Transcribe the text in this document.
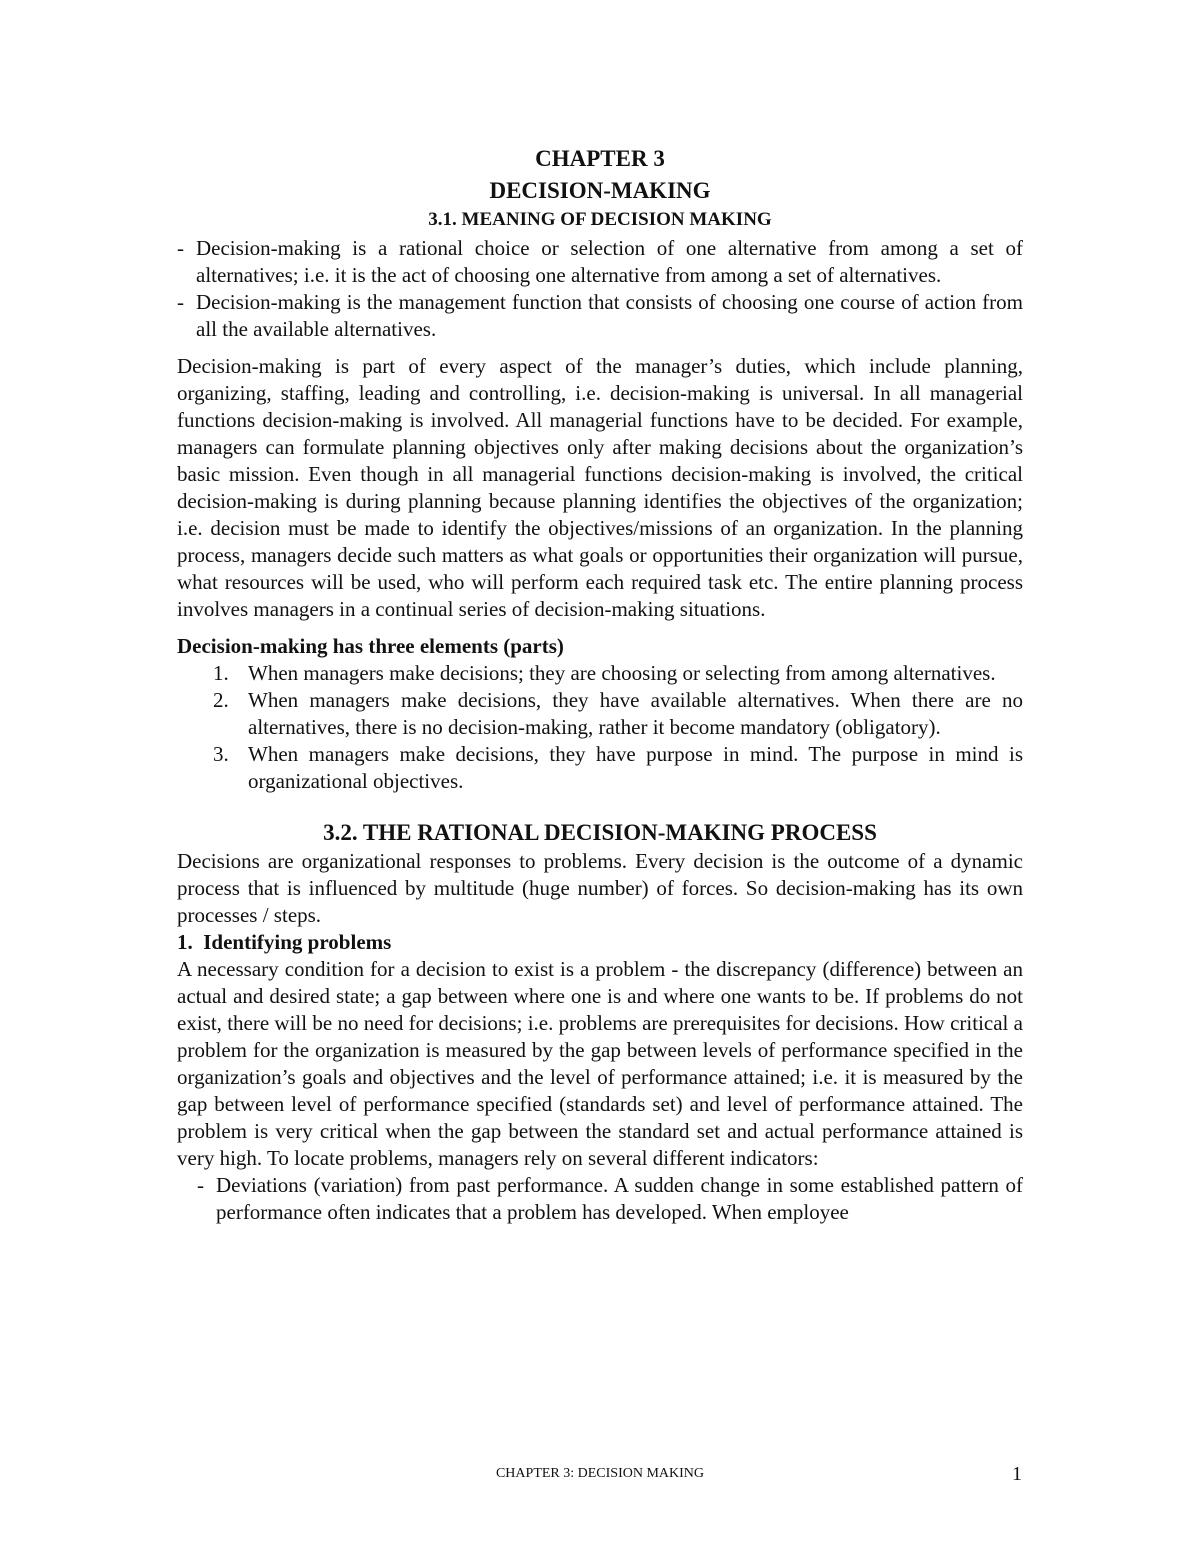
CHAPTER 3
DECISION-MAKING
3.1. MEANING OF DECISION MAKING
- Decision-making is a rational choice or selection of one alternative from among a set of alternatives; i.e. it is the act of choosing one alternative from among a set of alternatives.
- Decision-making is the management function that consists of choosing one course of action from all the available alternatives.
Decision-making is part of every aspect of the manager’s duties, which include planning, organizing, staffing, leading and controlling, i.e. decision-making is universal. In all managerial functions decision-making is involved. All managerial functions have to be decided. For example, managers can formulate planning objectives only after making decisions about the organization’s basic mission. Even though in all managerial functions decision-making is involved, the critical decision-making is during planning because planning identifies the objectives of the organization; i.e. decision must be made to identify the objectives/missions of an organization. In the planning process, managers decide such matters as what goals or opportunities their organization will pursue, what resources will be used, who will perform each required task etc. The entire planning process involves managers in a continual series of decision-making situations.
Decision-making has three elements (parts)
1. When managers make decisions; they are choosing or selecting from among alternatives.
2. When managers make decisions, they have available alternatives. When there are no alternatives, there is no decision-making, rather it become mandatory (obligatory).
3. When managers make decisions, they have purpose in mind. The purpose in mind is organizational objectives.
3.2. THE RATIONAL DECISION-MAKING PROCESS
Decisions are organizational responses to problems. Every decision is the outcome of a dynamic process that is influenced by multitude (huge number) of forces. So decision-making has its own processes / steps.
1.  Identifying problems
A necessary condition for a decision to exist is a problem - the discrepancy (difference) between an actual and desired state; a gap between where one is and where one wants to be. If problems do not exist, there will be no need for decisions; i.e. problems are prerequisites for decisions. How critical a problem for the organization is measured by the gap between levels of performance specified in the organization’s goals and objectives and the level of performance attained; i.e. it is measured by the gap between level of performance specified (standards set) and level of performance attained. The problem is very critical when the gap between the standard set and actual performance attained is very high. To locate problems, managers rely on several different indicators:
- Deviations (variation) from past performance. A sudden change in some established pattern of performance often indicates that a problem has developed. When employee
CHAPTER 3: DECISION MAKING	1
